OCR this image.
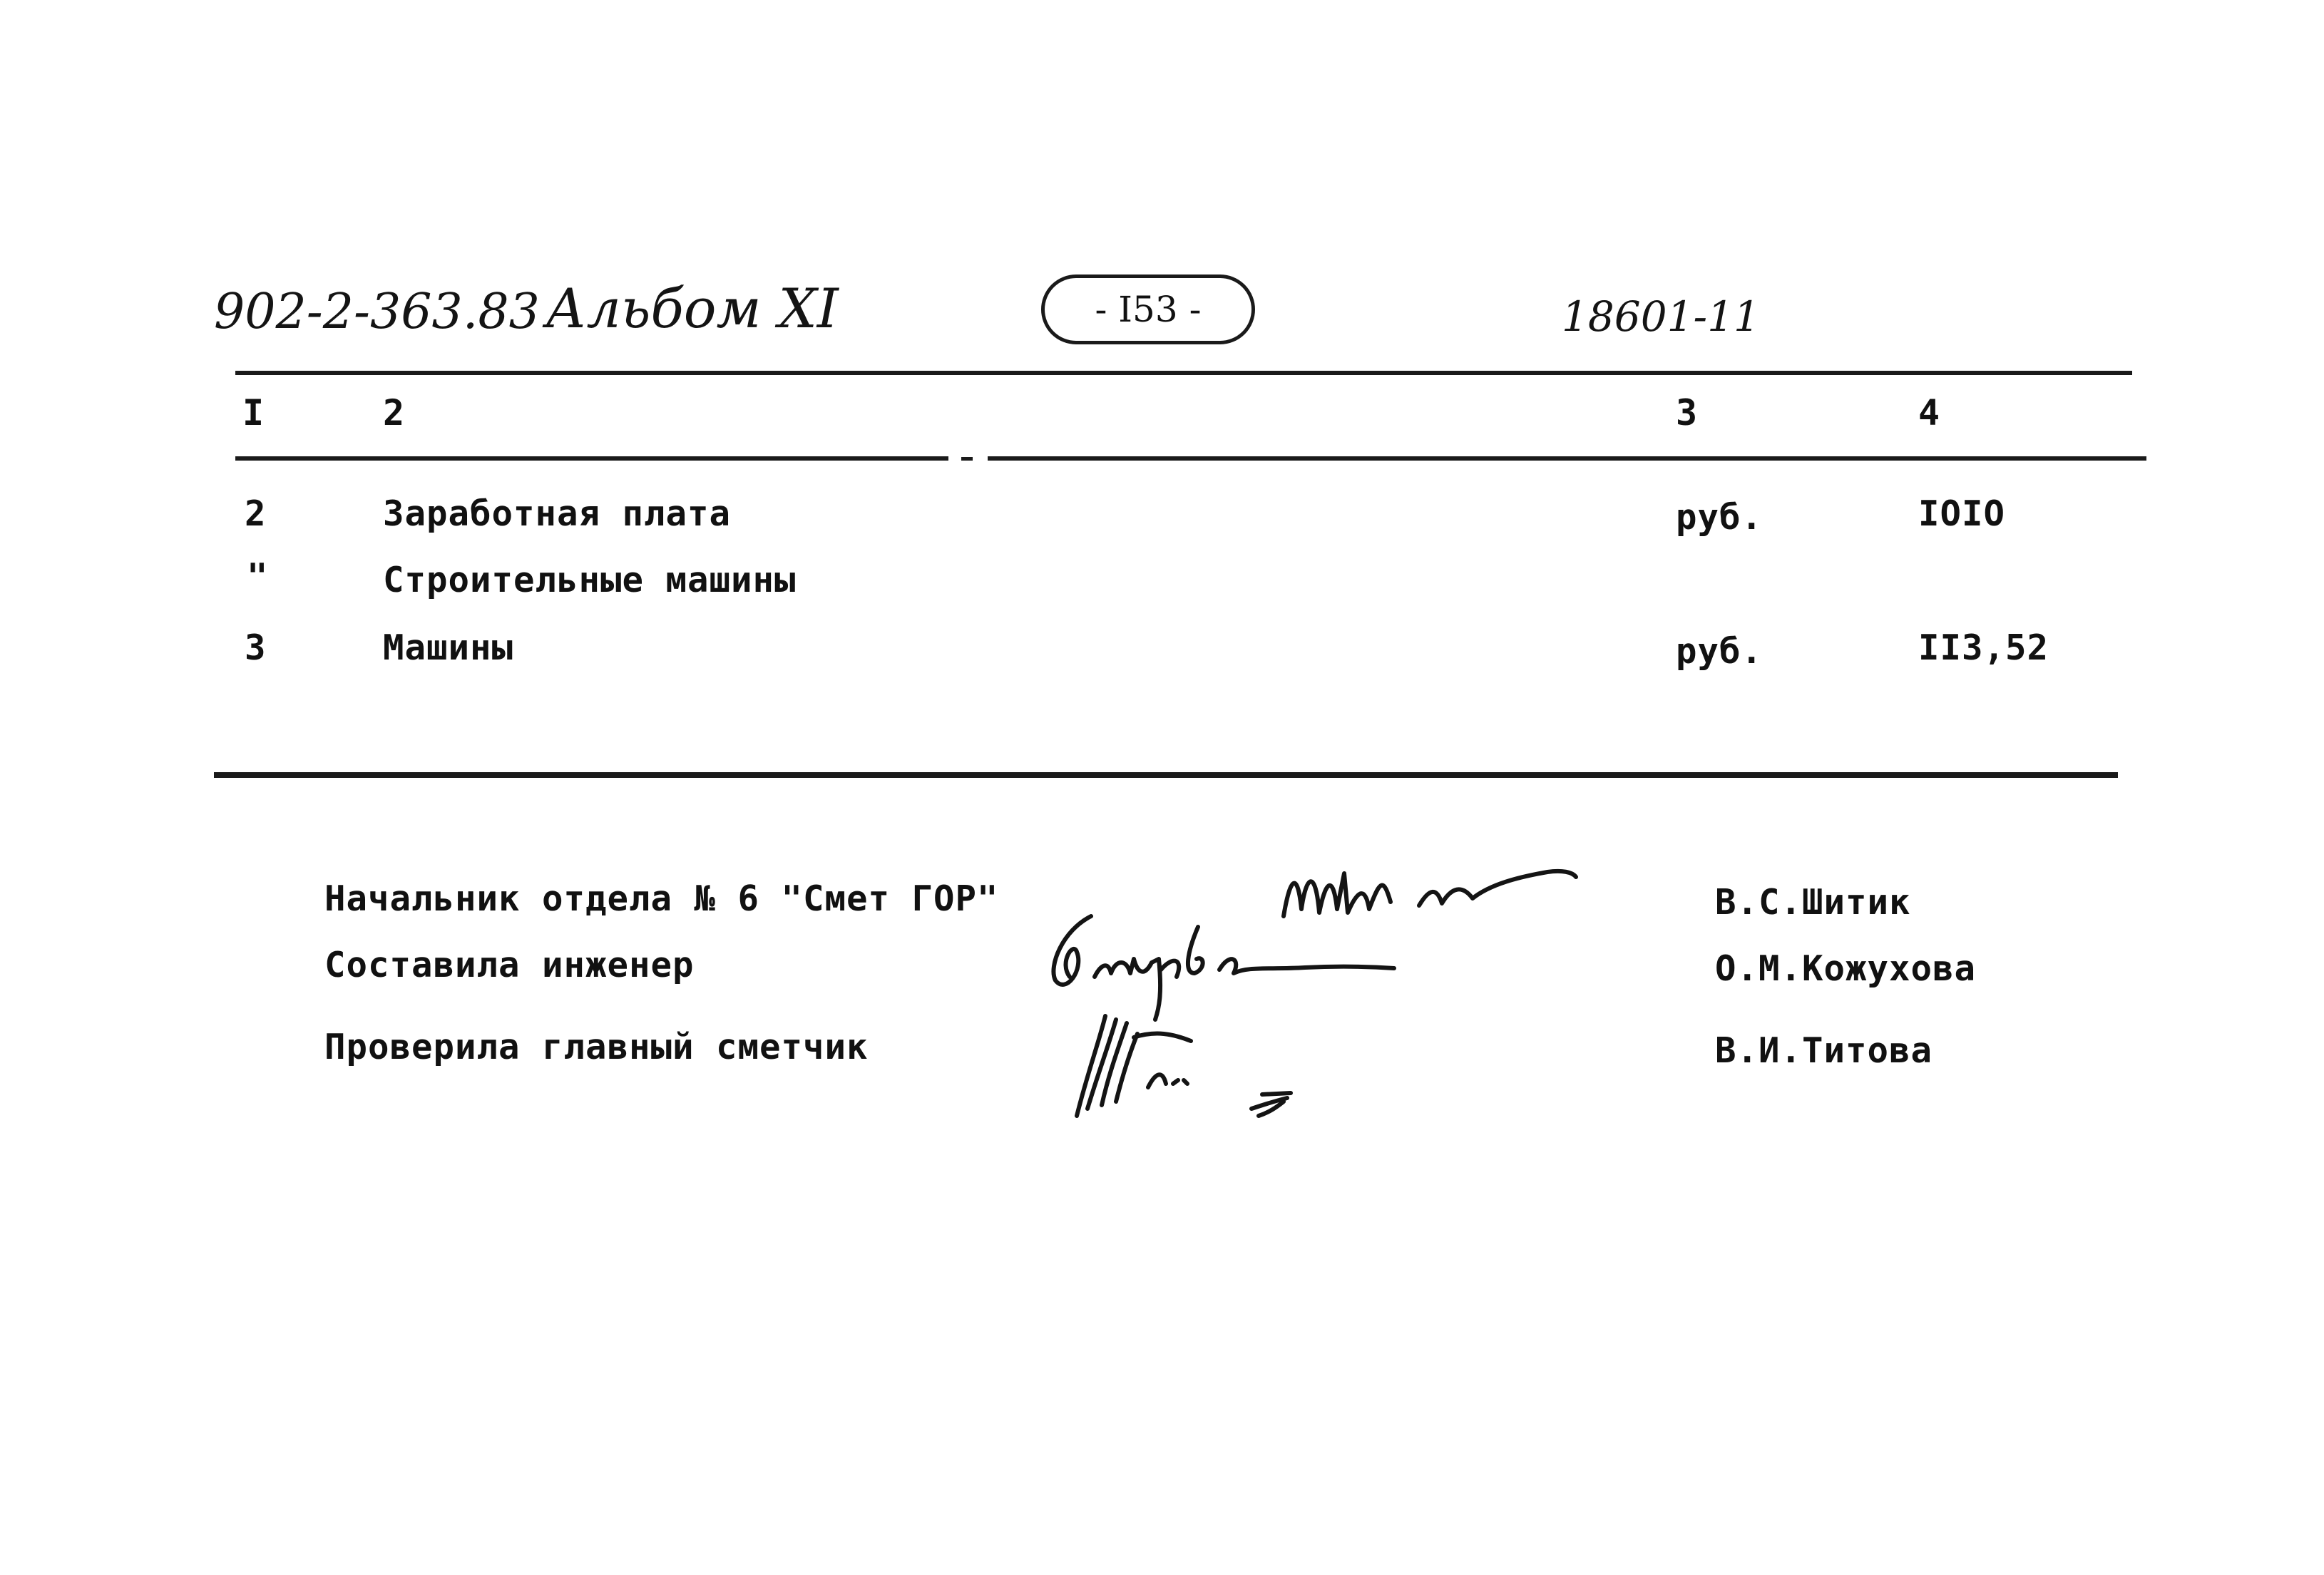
902-2-363.83 Альбом XI	- I53 -	18601-11
I	2	3	4
2	Заработная плата	руб.	IOIO
"	Строительные машины
3	Машины	руб.	II3,52
Начальник отдела № 6 "Смет ГОР"
Составила инженер
Проверила главный сметчик
В.С.Шитик
О.М.Кожухова
В.И.Титова
